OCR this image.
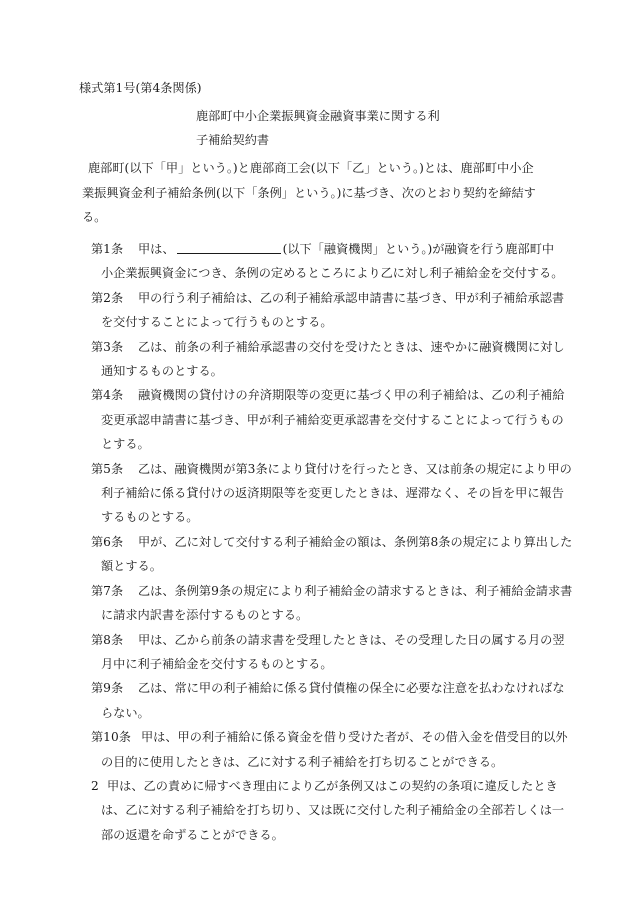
様式第1号(第4条関係)
鹿部町中小企業振興資金融資事業に関する利
子補給契約書
鹿部町(以下「甲」という。)と鹿部商工会(以下「乙」という。)とは、鹿部町中小企
業振興資金利子補給条例(以下「条例」という。)に基づき、次のとおり契約を締結す
る。
第1条	甲は、	(以下「融資機関」という。)が融資を行う鹿部町中
小企業振興資金につき、条例の定めるところにより乙に対し利子補給金を交付する。
第2条	甲の行う利子補給は、乙の利子補給承認申請書に基づき、甲が利子補給承認書
を交付することによって行うものとする。
第3条	乙は、前条の利子補給承認書の交付を受けたときは、速やかに融資機関に対し
通知するものとする。
第4条	融資機関の貸付けの弁済期限等の変更に基づく甲の利子補給は、乙の利子補給
変更承認申請書に基づき、甲が利子補給変更承認書を交付することによって行うもの
とする。
第5条	乙は、融資機関が第3条により貸付けを行ったとき、又は前条の規定により甲の
利子補給に係る貸付けの返済期限等を変更したときは、遅滞なく、その旨を甲に報告
するものとする。
第6条	甲が、乙に対して交付する利子補給金の額は、条例第8条の規定により算出した
額とする。
第7条	乙は、条例第9条の規定により利子補給金の請求するときは、利子補給金請求書
に請求内訳書を添付するものとする。
第8条	甲は、乙から前条の請求書を受理したときは、その受理した日の属する月の翌
月中に利子補給金を交付するものとする。
第9条	乙は、常に甲の利子補給に係る貸付債権の保全に必要な注意を払わなければな
らない。
第10条 甲は、甲の利子補給に係る資金を借り受けた者が、その借入金を借受目的以外
の目的に使用したときは、乙に対する利子補給を打ち切ることができる。
2 甲は、乙の責めに帰すべき理由により乙が条例又はこの契約の条項に違反したとき
は、乙に対する利子補給を打ち切り、又は既に交付した利子補給金の全部若しくは一
部の返還を命ずることができる。
